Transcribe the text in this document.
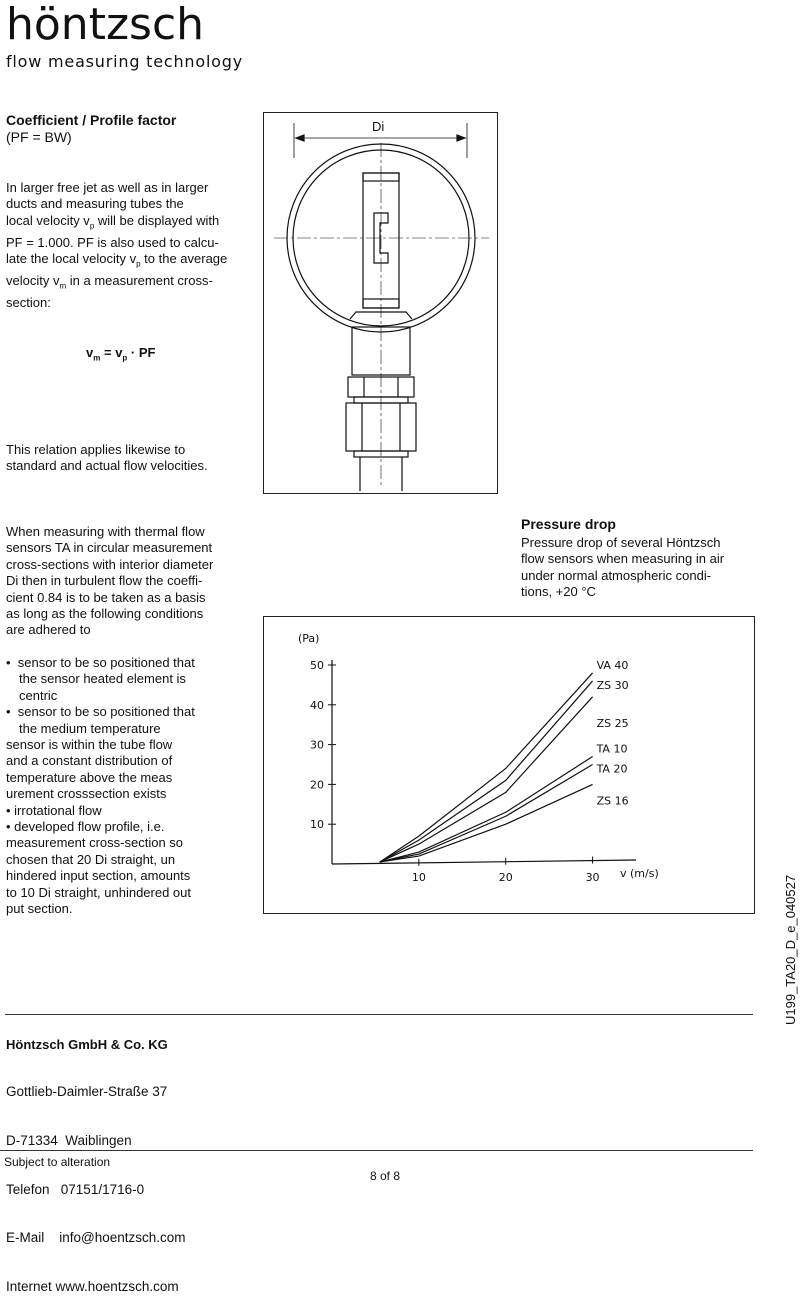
höntzsch
flow measuring technology
Coefficient / Profile factor
(PF = BW)
In larger free jet as well as in larger
ducts and measuring tubes the
local velocity $v_p$ will be displayed with
PF = 1.000. PF is also used to calcu-
late the local velocity $v_p$ to the average
velocity $v_m$ in a measurement cross-
section:
$v_m = v_p$ · PF
This relation applies likewise to
standard and actual flow velocities.
When measuring with thermal flow
sensors TA in circular measurement
cross-sections with interior diameter
Di then in turbulent flow the coeffi-
cient 0.84 is to be taken as a basis
as long as the following conditions
are adhered to
•  sensor to be so positioned that
the sensor heated element is
centric
•  sensor to be so positioned that
the medium temperature
sensor is within the tube flow
and a constant distribution of
temperature above the meas
urement crosssection exists
• irrotational flow
• developed flow profile, i.e.
measurement cross-section so
chosen that 20 Di straight, un
hindered input section, amounts
to 10 Di straight, unhindered out
put section.
Di
Pressure drop
Pressure drop of several Höntzsch
flow sensors when measuring in air
under normal atmospheric condi-
tions, +20 °C
(Pa)
v (m/s)
10
20
30
40
50
10	20	30
VA 40
ZS 30
ZS 25
TA 10
TA 20
ZS 16
U199_TA20_D_e_040527
Höntzsch GmbH & Co. KG

Gottlieb-Daimler-Straße 37

D-71334  Waiblingen

Telefon   07151/1716-0

E-Mail    info@hoentzsch.com

Internet www.hoentzsch.com

Subject to alteration
8 of 8
